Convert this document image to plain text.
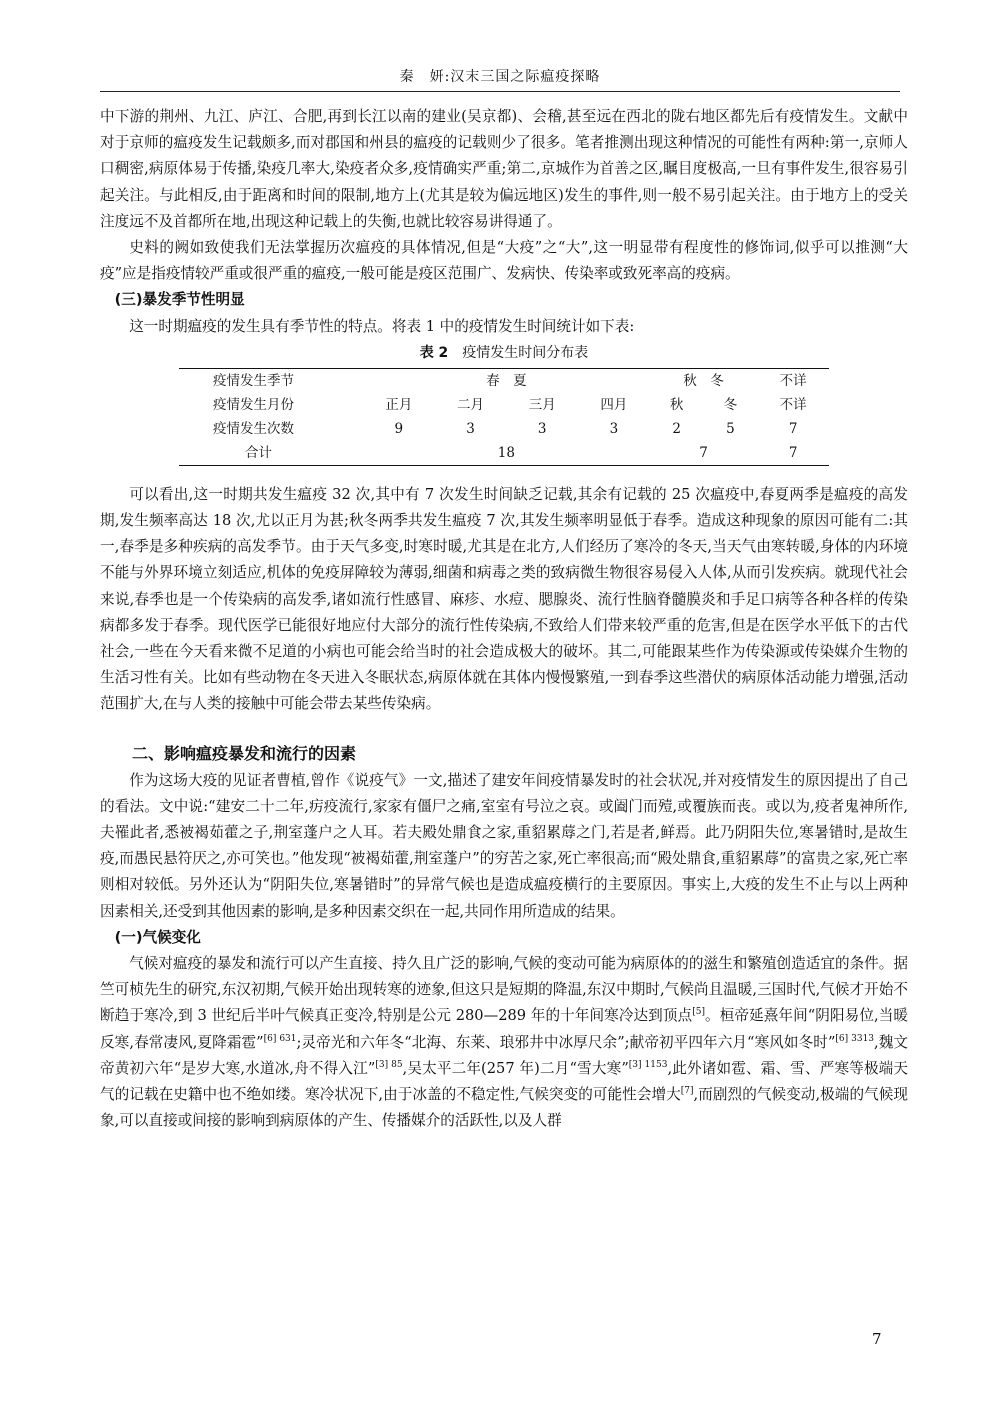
秦　妍:汉末三国之际瘟疫探略

中下游的荆州、九江、庐江、合肥,再到长江以南的建业(吴京都)、会稽,甚至远在西北的陇右地区都先后有疫情发生。文献中对于京师的瘟疫发生记载颇多,而对郡国和州县的瘟疫的记载则少了很多。笔者推测出现这种情况的可能性有两种:第一,京师人口稠密,病原体易于传播,染疫几率大,染疫者众多,疫情确实严重;第二,京城作为首善之区,瞩目度极高,一旦有事件发生,很容易引起关注。与此相反,由于距离和时间的限制,地方上(尤其是较为偏远地区)发生的事件,则一般不易引起关注。由于地方上的受关注度远不及首都所在地,出现这种记载上的失衡,也就比较容易讲得通了。

史料的阙如致使我们无法掌握历次瘟疫的具体情况,但是“大疫”之“大”,这一明显带有程度性的修饰词,似乎可以推测“大疫”应是指疫情较严重或很严重的瘟疫,一般可能是疫区范围广、发病快、传染率或致死率高的疫病。

(三)暴发季节性明显

这一时期瘟疫的发生具有季节性的特点。将表 1 中的疫情发生时间统计如下表:

表 2 疫情发生时间分布表

疫情发生季节	春　夏				秋　冬		不详
疫情发生月份	正月	二月	三月	四月	秋	冬	不详
疫情发生次数	9	3	3	3	2	5	7
合计	18				7		7

可以看出,这一时期共发生瘟疫 32 次,其中有 7 次发生时间缺乏记载,其余有记载的 25 次瘟疫中,春夏两季是瘟疫的高发期,发生频率高达 18 次,尤以正月为甚;秋冬两季共发生瘟疫 7 次,其发生频率明显低于春季。造成这种现象的原因可能有二:其一,春季是多种疾病的高发季节。由于天气多变,时寒时暖,尤其是在北方,人们经历了寒冷的冬天,当天气由寒转暖,身体的内环境不能与外界环境立刻适应,机体的免疫屏障较为薄弱,细菌和病毒之类的致病微生物很容易侵入人体,从而引发疾病。就现代社会来说,春季也是一个传染病的高发季,诸如流行性感冒、麻疹、水痘、腮腺炎、流行性脑脊髓膜炎和手足口病等各种各样的传染病都多发于春季。现代医学已能很好地应付大部分的流行性传染病,不致给人们带来较严重的危害,但是在医学水平低下的古代社会,一些在今天看来微不足道的小病也可能会给当时的社会造成极大的破坏。其二,可能跟某些作为传染源或传染媒介生物的生活习性有关。比如有些动物在冬天进入冬眠状态,病原体就在其体内慢慢繁殖,一到春季这些潜伏的病原体活动能力增强,活动范围扩大,在与人类的接触中可能会带去某些传染病。

二、影响瘟疫暴发和流行的因素

作为这场大疫的见证者曹植,曾作《说疫气》一文,描述了建安年间疫情暴发时的社会状况,并对疫情发生的原因提出了自己的看法。文中说:“建安二十二年,疠疫流行,家家有僵尸之痛,室室有号泣之哀。或阖门而殪,或覆族而丧。或以为,疫者鬼神所作,夫罹此者,悉被褐茹藿之子,荆室蓬户之人耳。若夫殿处鼎食之家,重貂累蓐之门,若是者,鲜焉。此乃阴阳失位,寒暑错时,是故生疫,而愚民悬符厌之,亦可笑也。”他发现“被褐茹藿,荆室蓬户”的穷苦之家,死亡率很高;而“殿处鼎食,重貂累蓐”的富贵之家,死亡率则相对较低。另外还认为“阴阳失位,寒暑错时”的异常气候也是造成瘟疫横行的主要原因。事实上,大疫的发生不止与以上两种因素相关,还受到其他因素的影响,是多种因素交织在一起,共同作用所造成的结果。

(一)气候变化

气候对瘟疫的暴发和流行可以产生直接、持久且广泛的影响,气候的变动可能为病原体的的滋生和繁殖创造适宜的条件。据竺可桢先生的研究,东汉初期,气候开始出现转寒的迹象,但这只是短期的降温,东汉中期时,气候尚且温暖,三国时代,气候才开始不断趋于寒冷,到 3 世纪后半叶气候真正变冷,特别是公元 280—289 年的十年间寒冷达到顶点[5]。桓帝延熹年间“阴阳易位,当暖反寒,春常凄风,夏降霜雹”$^{[6] 631}$;灵帝光和六年冬“北海、东莱、琅邪井中冰厚尺余”;献帝初平四年六月“寒风如冬时”$^{[6] 3313}$,魏文帝黄初六年“是岁大寒,水道冰,舟不得入江”$^{[3] 85}$,吴太平二年(257 年)二月“雪大寒”$^{[3] 1153}$,此外诸如雹、霜、雪、严寒等极端天气的记载在史籍中也不绝如缕。寒冷状况下,由于冰盖的不稳定性,气候突变的可能性会增大[7],而剧烈的气候变动,极端的气候现象,可以直接或间接的影响到病原体的产生、传播媒介的活跃性,以及人群

7
